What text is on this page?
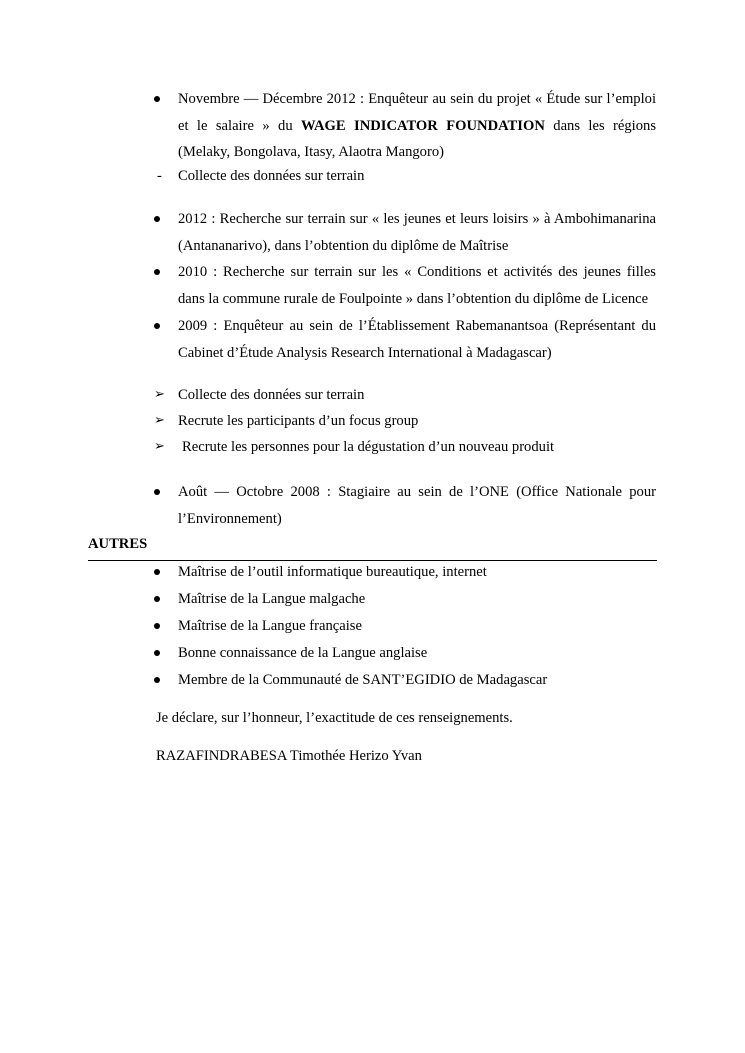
Novembre — Décembre 2012 : Enquêteur au sein du projet « Étude sur l’emploi et le salaire » du WAGE INDICATOR FOUNDATION dans les régions (Melaky, Bongolava, Itasy, Alaotra Mangoro)
- Collecte des données sur terrain
2012 : Recherche sur terrain sur « les jeunes et leurs loisirs » à Ambohimanarina (Antananarivo), dans l’obtention du diplôme de Maîtrise
2010 : Recherche sur terrain sur les « Conditions et activités des jeunes filles dans la commune rurale de Foulpointe » dans l’obtention du diplôme de Licence
2009 : Enquêteur au sein de l’Établissement Rabemanantsoa (Représentant du Cabinet d’Étude Analysis Research International à Madagascar)
➢ Collecte des données sur terrain
➢ Recrute les participants d’un focus group
➢	Recrute les personnes pour la dégustation d’un nouveau produit
Août — Octobre 2008 : Stagiaire au sein de l’ONE (Office Nationale pour l’Environnement)
AUTRES
Maîtrise de l’outil informatique bureautique, internet
Maîtrise de la Langue malgache
Maîtrise de la Langue française
Bonne connaissance de la Langue anglaise
Membre de la Communauté de SANT’EGIDIO de Madagascar
Je déclare, sur l’honneur, l’exactitude de ces renseignements.
RAZAFINDRABESA Timothée Herizo Yvan
